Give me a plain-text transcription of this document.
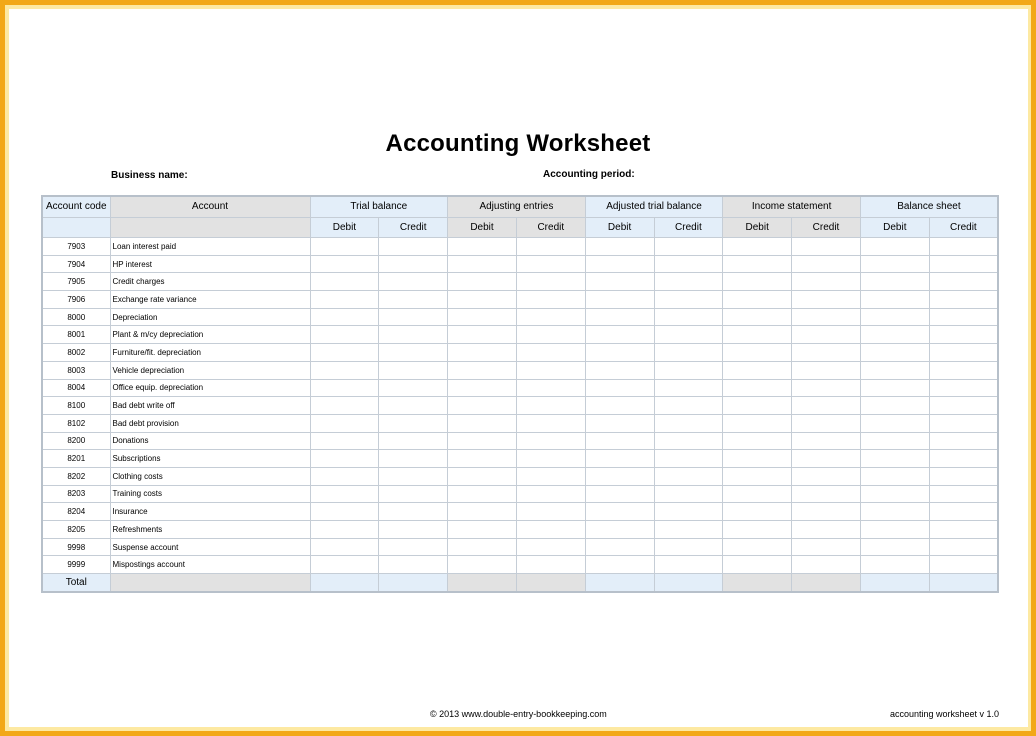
Accounting Worksheet
Business name:	Accounting period:
Account code	Account	Trial balance		Adjusting entries		Adjusted trial balance		Income statement		Balance sheet	
		Debit	Credit	Debit	Credit	Debit	Credit	Debit	Credit	Debit	Credit
7903	Loan interest paid										
7904	HP interest										
7905	Credit charges										
7906	Exchange rate variance										
8000	Depreciation										
8001	Plant & m/cy depreciation										
8002	Furniture/fit. depreciation										
8003	Vehicle depreciation										
8004	Office equip. depreciation										
8100	Bad debt write off										
8102	Bad debt provision										
8200	Donations										
8201	Subscriptions										
8202	Clothing costs										
8203	Training costs										
8204	Insurance										
8205	Refreshments										
9998	Suspense account										
9999	Mispostings account										
Total											
© 2013 www.double-entry-bookkeeping.com	accounting worksheet v 1.0
